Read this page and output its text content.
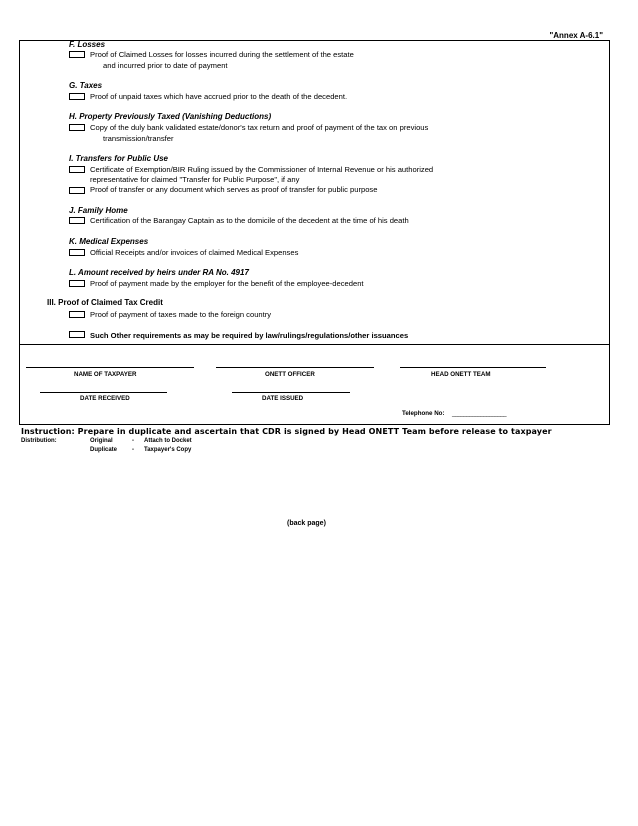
"Annex A-6.1"
F. Losses
Proof of Claimed Losses for losses incurred during the settlement of the estate
and incurred prior to date of payment
G. Taxes
Proof of unpaid taxes which have accrued prior to the death of the decedent.
H. Property Previously Taxed (Vanishing Deductions)
Copy of the duly bank validated estate/donor's tax return and proof of payment of the tax on previous
transmission/transfer
I. Transfers for Public Use
Certificate of Exemption/BIR Ruling issued by the Commissioner of Internal Revenue or his authorized
representative for claimed "Transfer for Public Purpose", if any
Proof of transfer or any document which serves as proof of transfer for public purpose
J. Family Home
Certification of the Barangay Captain as to the domicile of the decedent at the time of his death
K. Medical Expenses
Official Receipts and/or invoices of claimed Medical Expenses
L. Amount received by heirs under RA No. 4917
Proof of payment made by the employer for the benefit of the employee-decedent
III. Proof of Claimed Tax Credit
Proof of payment of taxes made to the foreign country
Such Other requirements as may be required by law/rulings/regulations/other issuances
NAME OF TAXPAYER	ONETT OFFICER	HEAD ONETT TEAM
DATE RECEIVED	DATE ISSUED
Telephone No: ___________________
Instruction: Prepare in duplicate and ascertain that CDR is signed by Head ONETT Team before release to taxpayer
Distribution:	Original	- Attach to Docket
Duplicate - Taxpayer's Copy
(back page)
